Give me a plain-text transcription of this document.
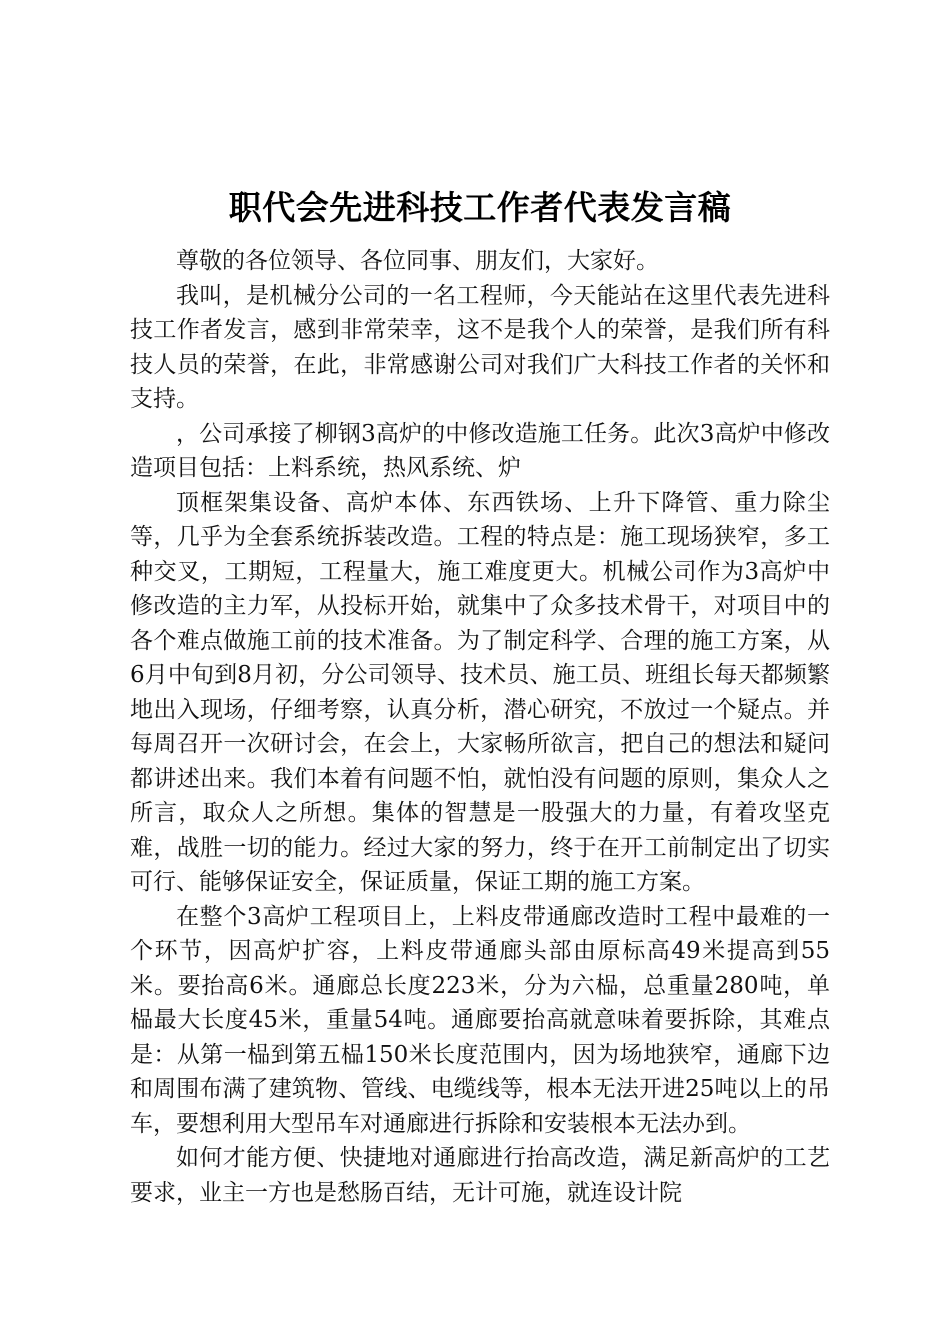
职代会先进科技工作者代表发言稿

尊敬的各位领导、各位同事、朋友们，大家好。

我叫，是机械分公司的一名工程师，今天能站在这里代表先进科技工作者发言，感到非常荣幸，这不是我个人的荣誉，是我们所有科技人员的荣誉，在此，非常感谢公司对我们广大科技工作者的关怀和支持。

，公司承接了柳钢3高炉的中修改造施工任务。此次3高炉中修改造项目包括：上料系统，热风系统、炉

顶框架集设备、高炉本体、东西铁场、上升下降管、重力除尘等，几乎为全套系统拆装改造。工程的特点是：施工现场狭窄，多工种交叉，工期短，工程量大，施工难度更大。机械公司作为3高炉中修改造的主力军，从投标开始，就集中了众多技术骨干，对项目中的各个难点做施工前的技术准备。为了制定科学、合理的施工方案，从6月中旬到8月初，分公司领导、技术员、施工员、班组长每天都频繁地出入现场，仔细考察，认真分析，潜心研究，不放过一个疑点。并每周召开一次研讨会，在会上，大家畅所欲言，把自己的想法和疑问都讲述出来。我们本着有问题不怕，就怕没有问题的原则，集众人之所言，取众人之所想。集体的智慧是一股强大的力量，有着攻坚克难，战胜一切的能力。经过大家的努力，终于在开工前制定出了切实可行、能够保证安全，保证质量，保证工期的施工方案。

在整个3高炉工程项目上，上料皮带通廊改造时工程中最难的一个环节，因高炉扩容，上料皮带通廊头部由原标高49米提高到55米。要抬高6米。通廊总长度223米，分为六榀，总重量280吨，单榀最大长度45米，重量54吨。通廊要抬高就意味着要拆除，其难点是：从第一榀到第五榀150米长度范围内，因为场地狭窄，通廊下边和周围布满了建筑物、管线、电缆线等，根本无法开进25吨以上的吊车，要想利用大型吊车对通廊进行拆除和安装根本无法办到。

如何才能方便、快捷地对通廊进行抬高改造，满足新高炉的工艺要求，业主一方也是愁肠百结，无计可施，就连设计院
